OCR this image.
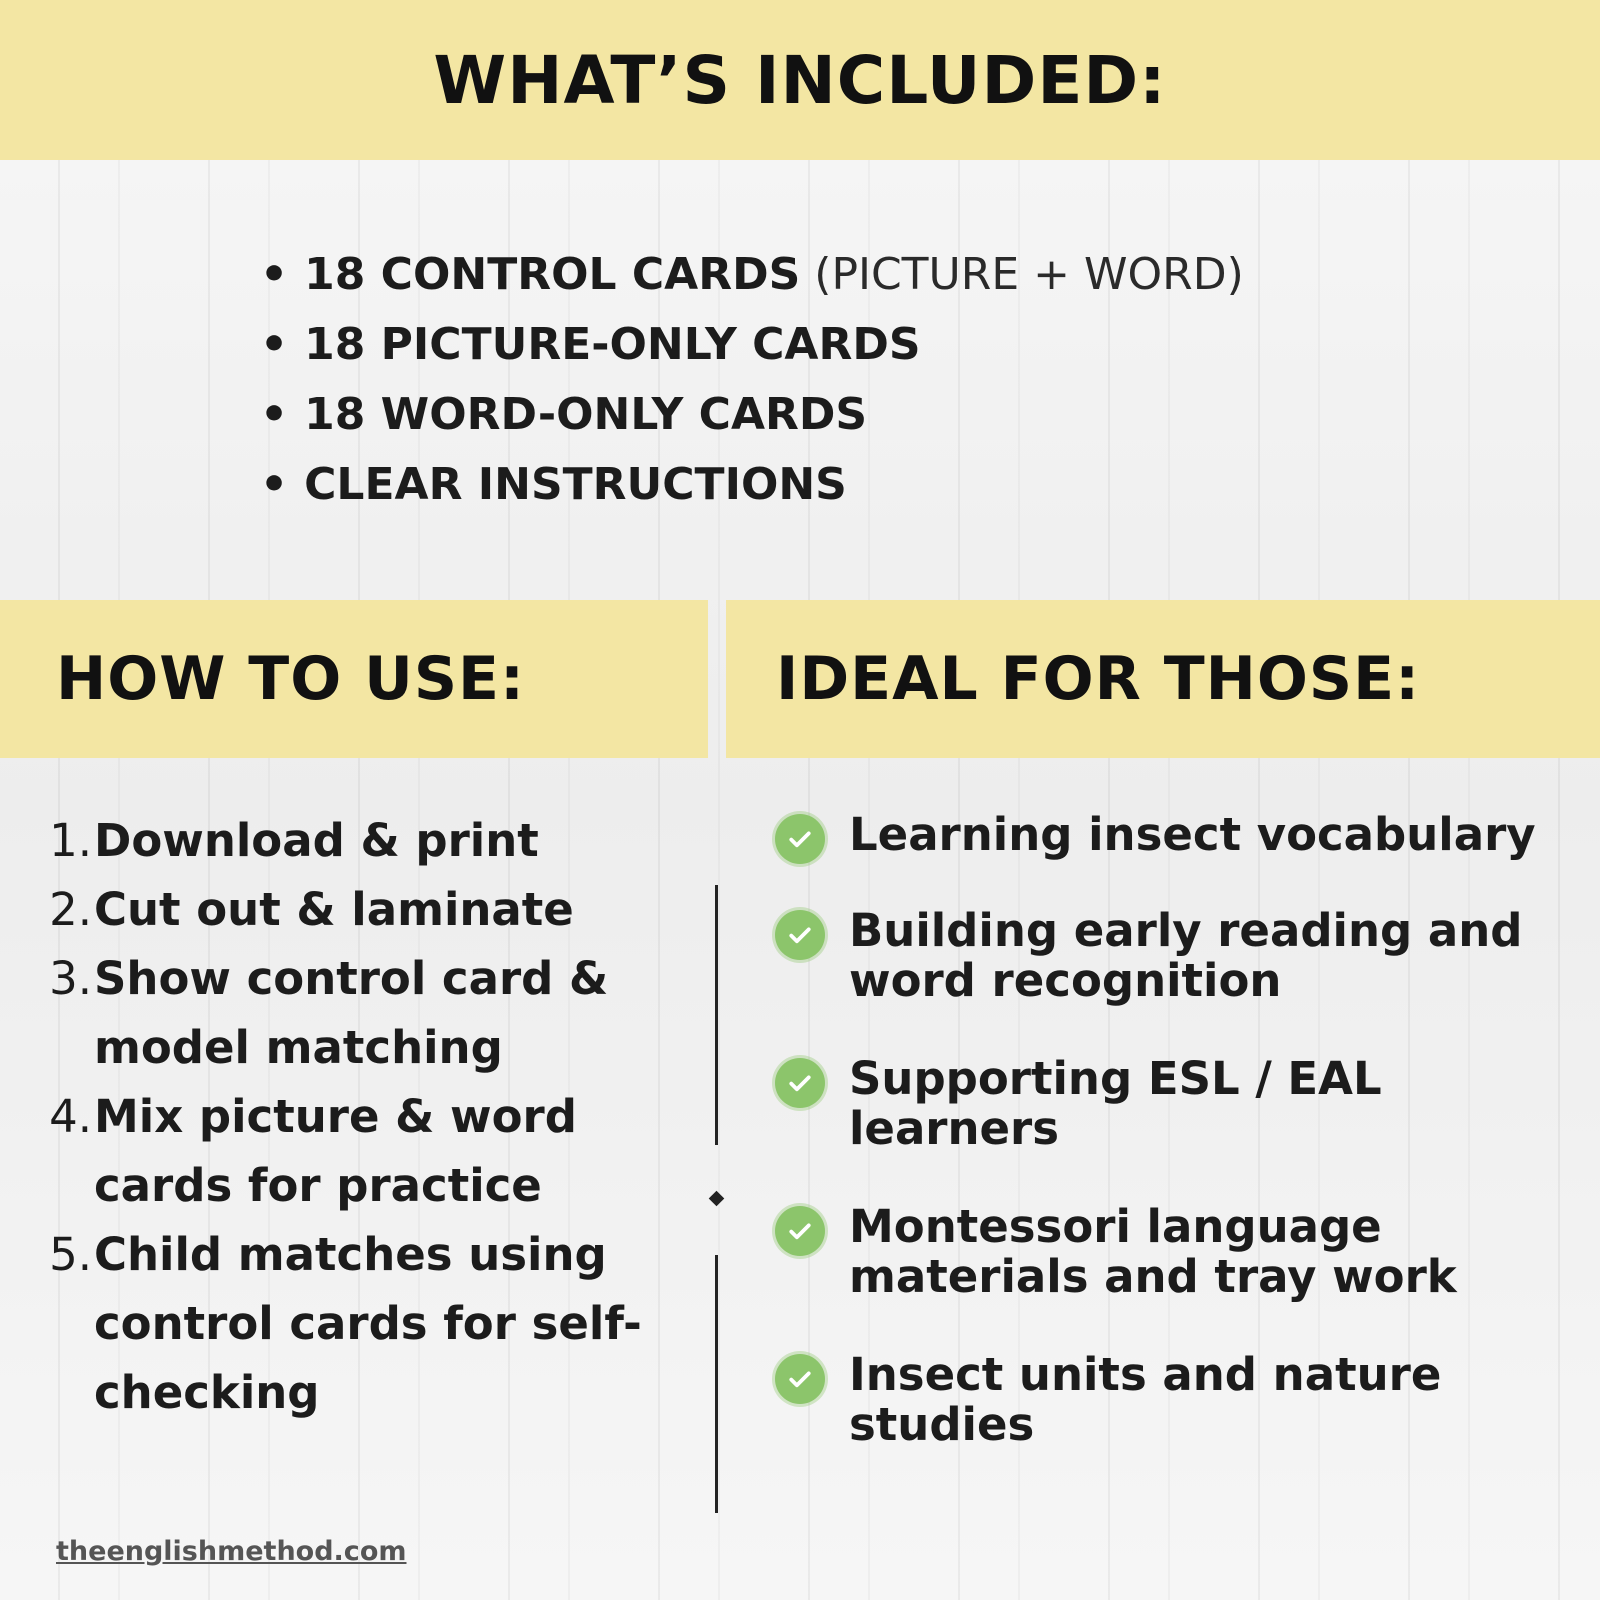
WHAT’S INCLUDED:
• 18 CONTROL CARDS (PICTURE + WORD)
• 18 PICTURE-ONLY CARDS
• 18 WORD-ONLY CARDS
• CLEAR INSTRUCTIONS
HOW TO USE:	IDEAL FOR THOSE:
1. Download & print
2. Cut out & laminate
3. Show control card & model matching
4. Mix picture & word cards for practice
5. Child matches using control cards for self-checking
Learning insect vocabulary
Building early reading and word recognition
Supporting ESL / EAL learners
Montessori language materials and tray work
Insect units and nature studies
theenglishmethod.com
